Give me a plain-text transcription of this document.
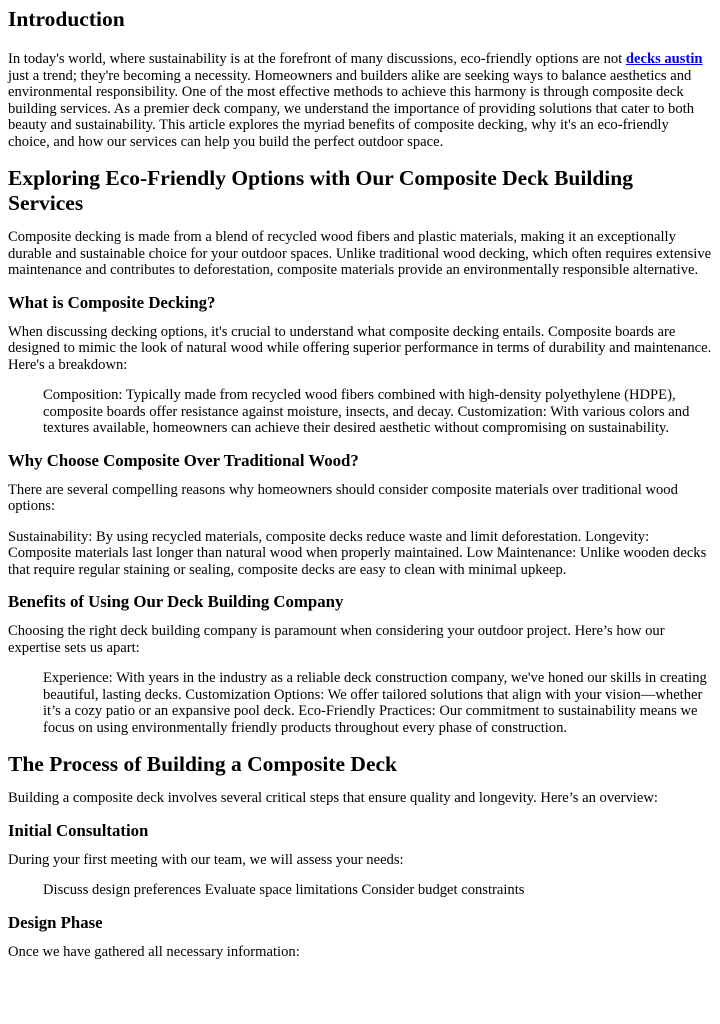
Introduction

In today's world, where sustainability is at the forefront of many discussions, eco-friendly options are not decks austin just a trend; they're becoming a necessity. Homeowners and builders alike are seeking ways to balance aesthetics and environmental responsibility. One of the most effective methods to achieve this harmony is through composite deck building services. As a premier deck company, we understand the importance of providing solutions that cater to both beauty and sustainability. This article explores the myriad benefits of composite decking, why it's an eco-friendly choice, and how our services can help you build the perfect outdoor space.

Exploring Eco-Friendly Options with Our Composite Deck Building Services

Composite decking is made from a blend of recycled wood fibers and plastic materials, making it an exceptionally durable and sustainable choice for your outdoor spaces. Unlike traditional wood decking, which often requires extensive maintenance and contributes to deforestation, composite materials provide an environmentally responsible alternative.

What is Composite Decking?

When discussing decking options, it's crucial to understand what composite decking entails. Composite boards are designed to mimic the look of natural wood while offering superior performance in terms of durability and maintenance. Here's a breakdown:

Composition: Typically made from recycled wood fibers combined with high-density polyethylene (HDPE), composite boards offer resistance against moisture, insects, and decay. Customization: With various colors and textures available, homeowners can achieve their desired aesthetic without compromising on sustainability.
Why Choose Composite Over Traditional Wood?

There are several compelling reasons why homeowners should consider composite materials over traditional wood options:

Sustainability: By using recycled materials, composite decks reduce waste and limit deforestation. Longevity: Composite materials last longer than natural wood when properly maintained. Low Maintenance: Unlike wooden decks that require regular staining or sealing, composite decks are easy to clean with minimal upkeep.

Benefits of Using Our Deck Building Company

Choosing the right deck building company is paramount when considering your outdoor project. Here’s how our expertise sets us apart:

Experience: With years in the industry as a reliable deck construction company, we've honed our skills in creating beautiful, lasting decks. Customization Options: We offer tailored solutions that align with your vision—whether it’s a cozy patio or an expansive pool deck. Eco-Friendly Practices: Our commitment to sustainability means we focus on using environmentally friendly products throughout every phase of construction.
The Process of Building a Composite Deck

Building a composite deck involves several critical steps that ensure quality and longevity. Here’s an overview:

Initial Consultation

During your first meeting with our team, we will assess your needs:

Discuss design preferences Evaluate space limitations Consider budget constraints
Design Phase

Once we have gathered all necessary information:
